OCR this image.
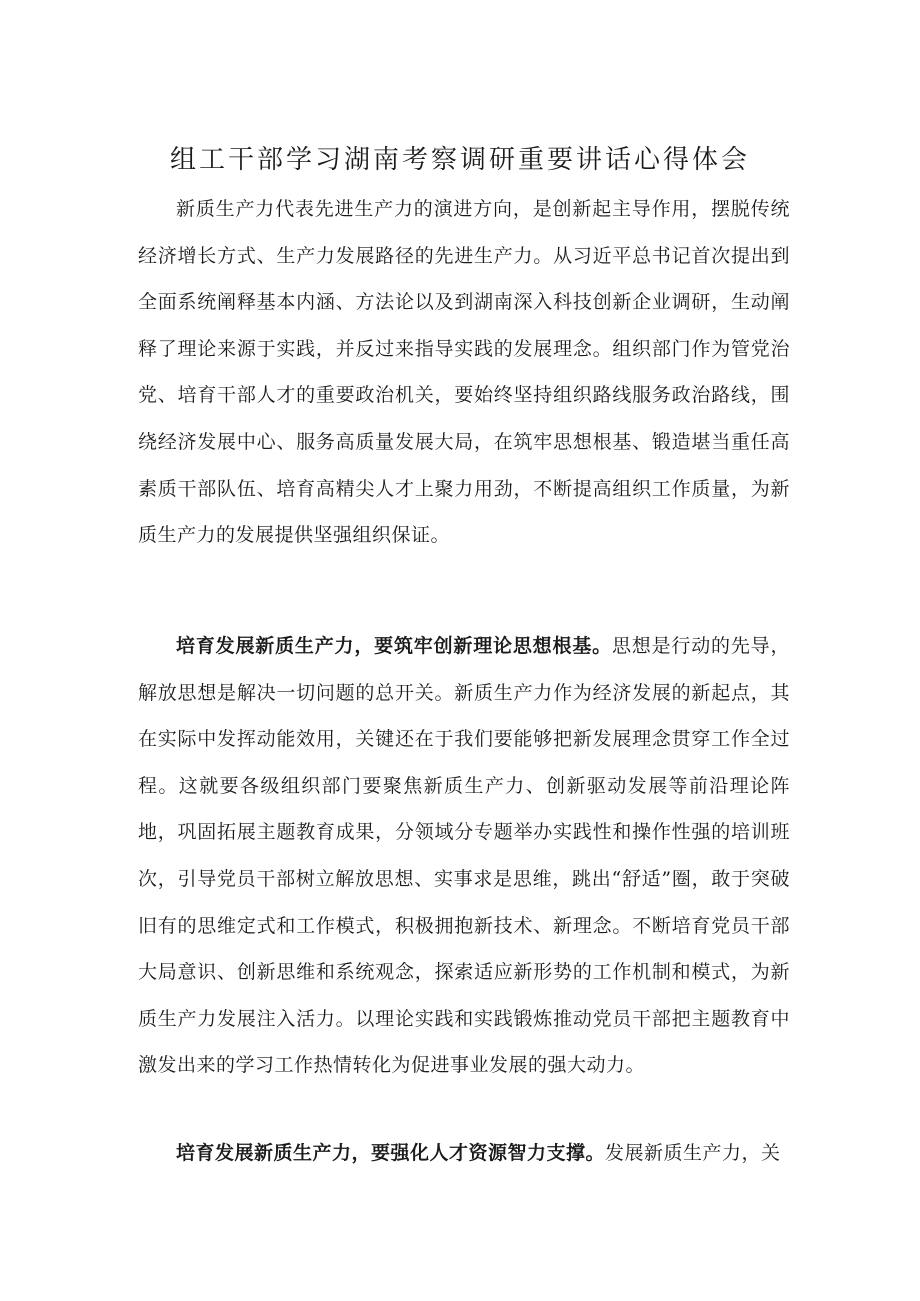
组工干部学习湖南考察调研重要讲话心得体会

新质生产力代表先进生产力的演进方向，是创新起主导作用，摆脱传统经济增长方式、生产力发展路径的先进生产力。从习近平总书记首次提出到全面系统阐释基本内涵、方法论以及到湖南深入科技创新企业调研，生动阐释了理论来源于实践，并反过来指导实践的发展理念。组织部门作为管党治党、培育干部人才的重要政治机关，要始终坚持组织路线服务政治路线，围绕经济发展中心、服务高质量发展大局，在筑牢思想根基、锻造堪当重任高素质干部队伍、培育高精尖人才上聚力用劲，不断提高组织工作质量，为新质生产力的发展提供坚强组织保证。

培育发展新质生产力，要筑牢创新理论思想根基。思想是行动的先导，解放思想是解决一切问题的总开关。新质生产力作为经济发展的新起点，其在实际中发挥动能效用，关键还在于我们要能够把新发展理念贯穿工作全过程。这就要各级组织部门要聚焦新质生产力、创新驱动发展等前沿理论阵地，巩固拓展主题教育成果，分领域分专题举办实践性和操作性强的培训班次，引导党员干部树立解放思想、实事求是思维，跳出“舒适”圈，敢于突破旧有的思维定式和工作模式，积极拥抱新技术、新理念。不断培育党员干部大局意识、创新思维和系统观念，探索适应新形势的工作机制和模式，为新质生产力发展注入活力。以理论实践和实践锻炼推动党员干部把主题教育中激发出来的学习工作热情转化为促进事业发展的强大动力。

培育发展新质生产力，要强化人才资源智力支撑。发展新质生产力，关
